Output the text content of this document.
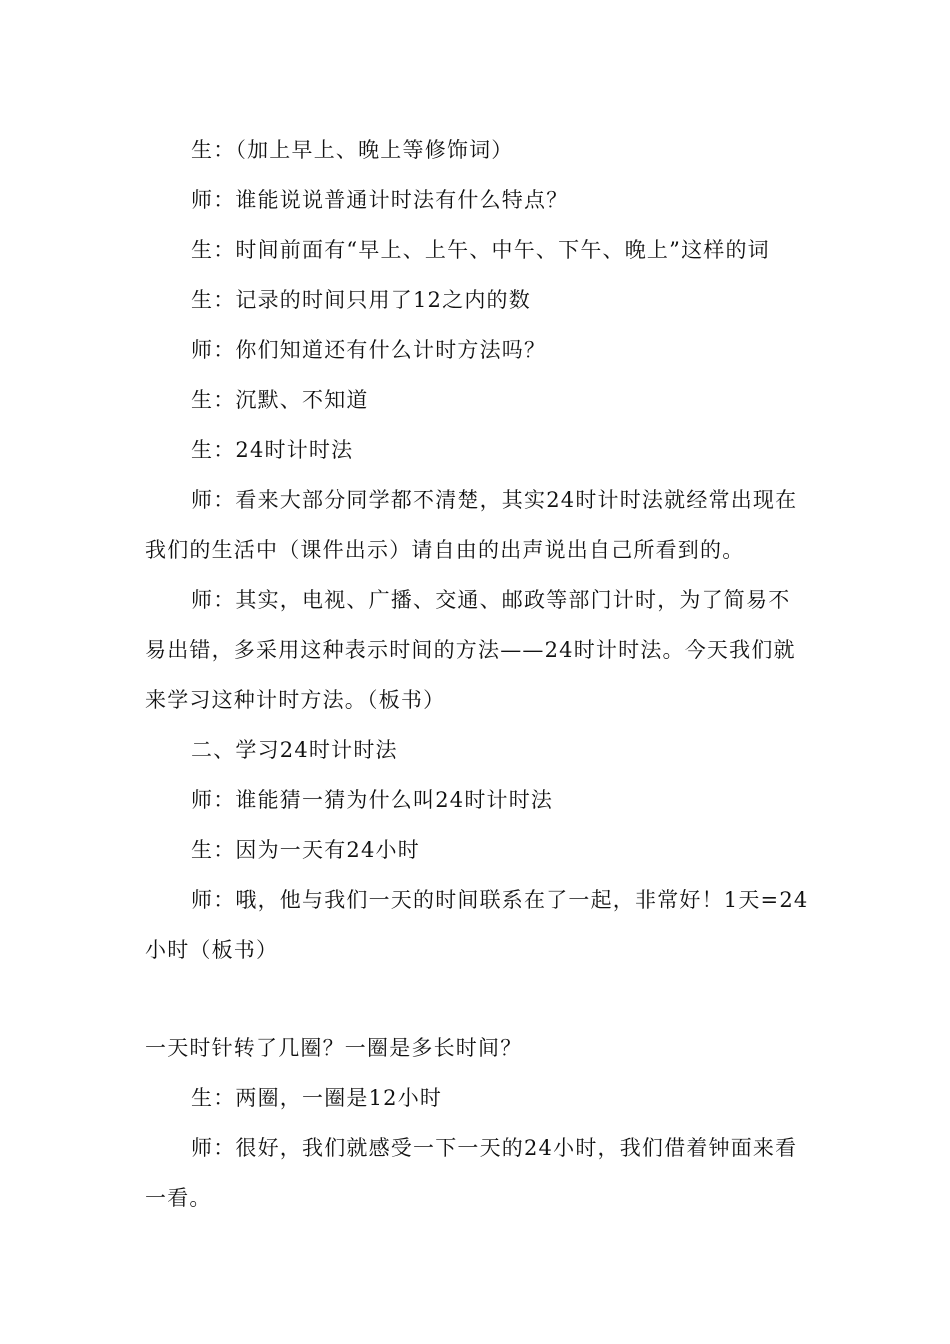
生：（加上早上、晚上等修饰词）
师：谁能说说普通计时法有什么特点？
生：时间前面有“早上、上午、中午、下午、晚上”这样的词
生：记录的时间只用了12之内的数
师：你们知道还有什么计时方法吗？
生：沉默、不知道
生：24时计时法
师：看来大部分同学都不清楚，其实24时计时法就经常出现在
我们的生活中（课件出示）请自由的出声说出自己所看到的。
师：其实，电视、广播、交通、邮政等部门计时，为了简易不
易出错，多采用这种表示时间的方法——24时计时法。今天我们就
来学习这种计时方法。（板书）
二、学习24时计时法
师：谁能猜一猜为什么叫24时计时法
生：因为一天有24小时
师：哦，他与我们一天的时间联系在了一起，非常好！1天=24
小时（板书）
一天时针转了几圈？一圈是多长时间？
生：两圈，一圈是12小时
师：很好，我们就感受一下一天的24小时，我们借着钟面来看
一看。
